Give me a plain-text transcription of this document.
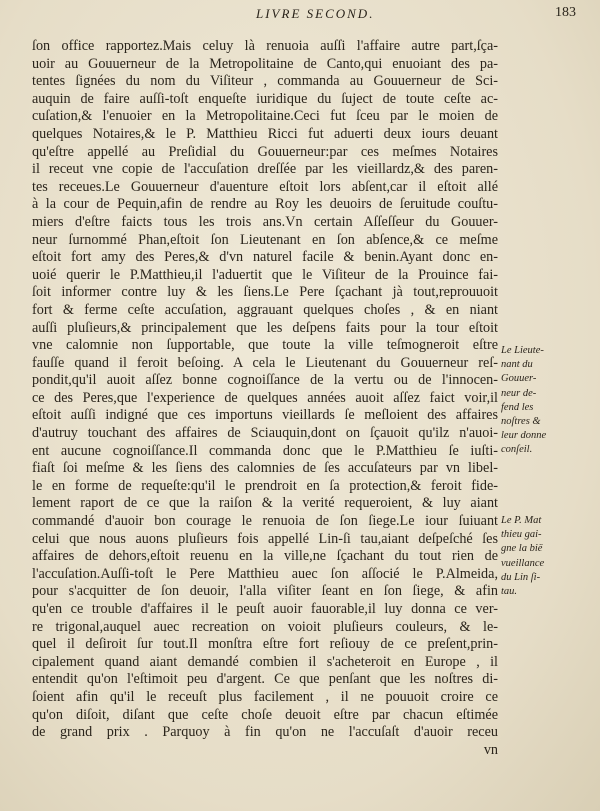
LIVRE SECOND.	183
ſon office rapportez.Mais celuy là renuoia auſſi l'affaire autre part,ſça-
uoir au Gouuerneur de la Metropolitaine de Canto,qui enuoiant des pa-
tentes ſignées du nom du Viſiteur , commanda au Gouuerneur de Sci-
auquin de faire auſſi-toſt enqueſte iuridique du ſuject de toute ceſte ac-
cuſation,& l'enuoier en la Metropolitaine.Ceci fut ſceu par le moien de
quelques Notaires,& le P. Matthieu Ricci fut aduerti deux iours deuant
qu'eſtre appellé au Preſidial du Gouuerneur:par ces meſmes Notaires
il receut vne copie de l'accuſation dreſſée par les vieillardz,& des paren-
tes receues.Le Gouuerneur d'auenture eſtoit lors abſent,car il eſtoit allé
à la cour de Pequin,afin de rendre au Roy les deuoirs de ſeruitude couſtu-
miers d'eſtre faicts tous les trois ans.Vn certain Aſſeſſeur du Gouuer-
neur ſurnommé Phan,eſtoit ſon Lieutenant en ſon abſence,& ce meſme
eſtoit fort amy des Peres,& d'vn naturel facile & benin.Ayant donc en-
uoié querir le P.Matthieu,il l'aduertit que le Viſiteur de la Prouince fai-
ſoit informer contre luy & les ſiens.Le Pere ſçachant jà tout,reprouuoit
fort & ferme ceſte accuſation, aggrauant quelques choſes , & en niant
auſſi pluſieurs,& principalement que les deſpens faits pour la tour eſtoit
vne calomnie non ſupportable, que toute la ville teſmogneroit eſtre
fauſſe quand il feroit beſoing. A cela le Lieutenant du Gouuerneur reſ-
pondit,qu'il auoit aſſez bonne cognoiſſance de la vertu ou de l'innocen-
ce des Peres,que l'experience de quelques années auoit aſſez faict voir,il
eſtoit auſſi indigné que ces importuns vieillards ſe meſloient des affaires
d'autruy touchant des affaires de Sciauquin,dont on ſçauoit qu'ilz n'auoi-
ent aucune cognoiſſance.Il commanda donc que le P.Matthieu ſe iuſti-
fiaſt ſoi meſme & les ſiens des calomnies de ſes accuſateurs par vn libel-
le en forme de requeſte:qu'il le prendroit en ſa protection,& feroit fide-
lement raport de ce que la raiſon & la verité requeroient, & luy aiant
commandé d'auoir bon courage le renuoia de ſon ſiege.Le iour ſuiuant
celui que nous auons pluſieurs fois appellé Lin-ſi tau,aiant deſpeſché ſes
affaires de dehors,eſtoit reuenu en la ville,ne ſçachant du tout rien de
l'accuſation.Auſſi-toſt le Pere Matthieu auec ſon aſſocié le P.Almeida,
pour s'acquitter de ſon deuoir, l'alla viſiter ſeant en ſon ſiege, & afin
qu'en ce trouble d'affaires il le peuſt auoir fauorable,il luy donna ce ver-
re trigonal,auquel auec recreation on voioit pluſieurs couleurs, & le-
quel il deſiroit ſur tout.Il monſtra eſtre fort reſiouy de ce preſent,prin-
cipalement quand aiant demandé combien il s'acheteroit en Europe , il
entendit qu'on l'eſtimoit peu d'argent. Ce que penſant que les noſtres di-
ſoient afin qu'il le receuſt plus facilement , il ne pouuoit croire ce
qu'on diſoit, diſant que ceſte choſe deuoit eſtre par chacun eſtimée
de grand prix . Parquoy à fin qu'on ne l'accuſaſt d'auoir receu
vn
Le Lieute-
nant du
Gouuer-
neur de-
fend les
noſtres &
leur donne
conſeil.
Le P. Mat
thieu gai-
gne la bië
vueillance
du Lin ſi-
tau.
